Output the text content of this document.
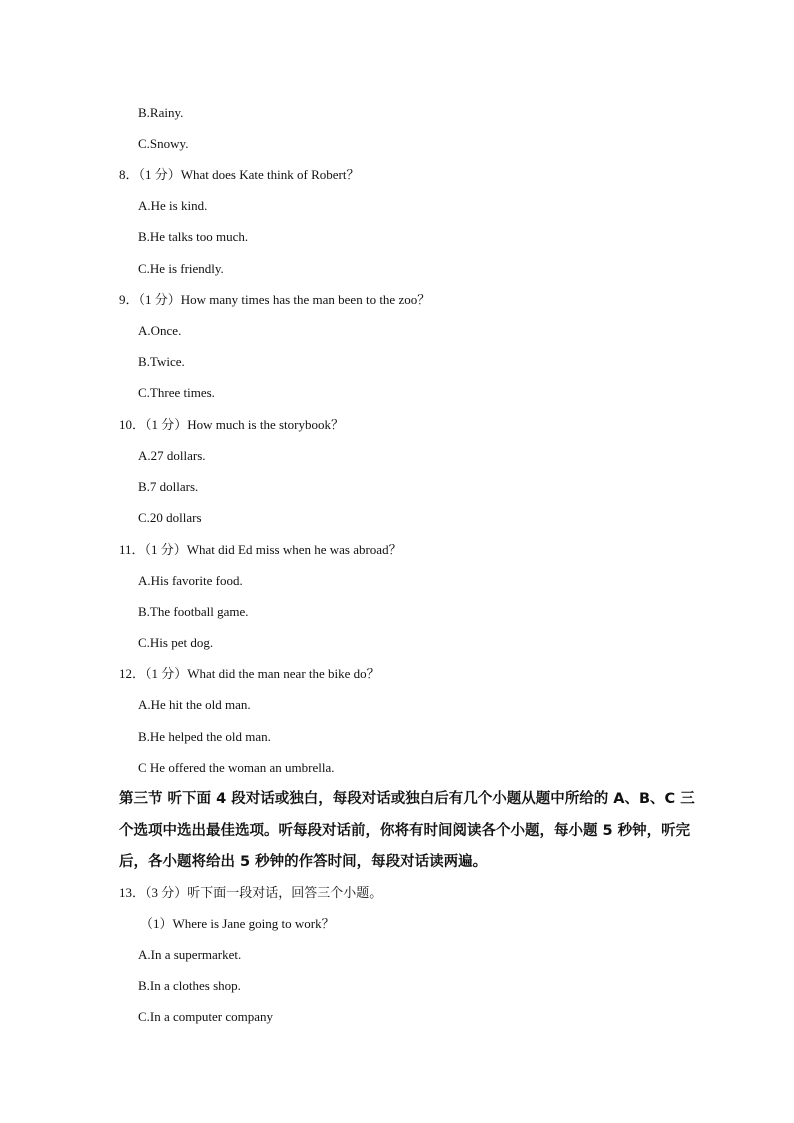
B.Rainy.
C.Snowy.
8．（1 分）What does Kate think of Robert？
A.He is kind.
B.He talks too much.
C.He is friendly.
9．（1 分）How many times has the man been to the zoo？
A.Once.
B.Twice.
C.Three times.
10．（1 分）How much is the storybook？
A.27 dollars.
B.7 dollars.
C.20 dollars
11．（1 分）What did Ed miss when he was abroad？
A.His favorite food.
B.The football game.
C.His pet dog.
12．（1 分）What did the man near the bike do？
A.He hit the old man.
B.He helped the old man.
C He offered the woman an umbrella.
第三节 听下面 4 段对话或独白，每段对话或独白后有几个小题从题中所给的 A、B、C 三
个选项中选出最佳选项。听每段对话前，你将有时间阅读各个小题，每小题 5 秒钟，听完
后，各小题将给出 5 秒钟的作答时间，每段对话读两遍。
13．（3 分）听下面一段对话，回答三个小题。
（1）Where is Jane going to work？
A.In a supermarket.
B.In a clothes shop.
C.In a computer company
